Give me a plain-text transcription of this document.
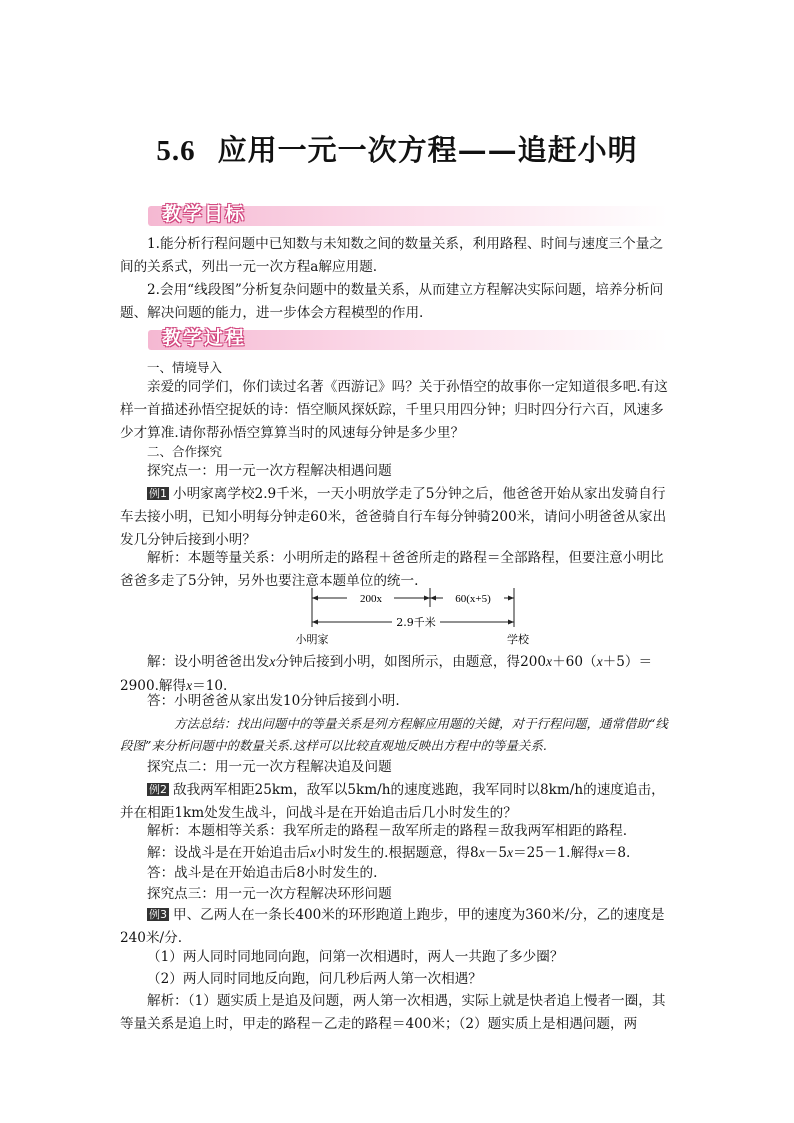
5.6 应用一元一次方程——追赶小明
教学目标

1.能分析行程问题中已知数与未知数之间的数量关系，利用路程、时间与速度三个量之间的关系式，列出一元一次方程a解应用题.

2.会用“线段图”分析复杂问题中的数量关系，从而建立方程解决实际问题，培养分析问题、解决问题的能力，进一步体会方程模型的作用.

教学过程

一、情境导入

亲爱的同学们，你们读过名著《西游记》吗？关于孙悟空的故事你一定知道很多吧.有这样一首描述孙悟空捉妖的诗：悟空顺风探妖踪，千里只用四分钟；归时四分行六百，风速多少才算准.请你帮孙悟空算算当时的风速每分钟是多少里？

二、合作探究

探究点一：用一元一次方程解决相遇问题

例1 小明家离学校2.9千米，一天小明放学走了5分钟之后，他爸爸开始从家出发骑自行车去接小明，已知小明每分钟走60米，爸爸骑自行车每分钟骑200米，请问小明爸爸从家出发几分钟后接到小明？

解析：本题等量关系：小明所走的路程＋爸爸所走的路程＝全部路程，但要注意小明比爸爸多走了5分钟，另外也要注意本题单位的统一.

200x	60(x+5)
2.9千米
小明家	学校

解：设小明爸爸出发x分钟后接到小明，如图所示，由题意，得200x＋60（x＋5）＝2900.解得x＝10.

答：小明爸爸从家出发10分钟后接到小明.

方法总结：找出问题中的等量关系是列方程解应用题的关键，对于行程问题，通常借助“线段图”来分析问题中的数量关系.这样可以比较直观地反映出方程中的等量关系.

探究点二：用一元一次方程解决追及问题

例2 敌我两军相距25km，敌军以5km/h的速度逃跑，我军同时以8km/h的速度追击，并在相距1km处发生战斗，问战斗是在开始追击后几小时发生的？

解析：本题相等关系：我军所走的路程－敌军所走的路程＝敌我两军相距的路程.

解：设战斗是在开始追击后x小时发生的.根据题意，得8x－5x＝25－1.解得x＝8.

答：战斗是在开始追击后8小时发生的.

探究点三：用一元一次方程解决环形问题

例3 甲、乙两人在一条长400米的环形跑道上跑步，甲的速度为360米/分，乙的速度是240米/分.

（1）两人同时同地同向跑，问第一次相遇时，两人一共跑了多少圈？

（2）两人同时同地反向跑，问几秒后两人第一次相遇？

解析：（1）题实质上是追及问题，两人第一次相遇，实际上就是快者追上慢者一圈，其等量关系是追上时，甲走的路程－乙走的路程＝400米；（2）题实质上是相遇问题，两
